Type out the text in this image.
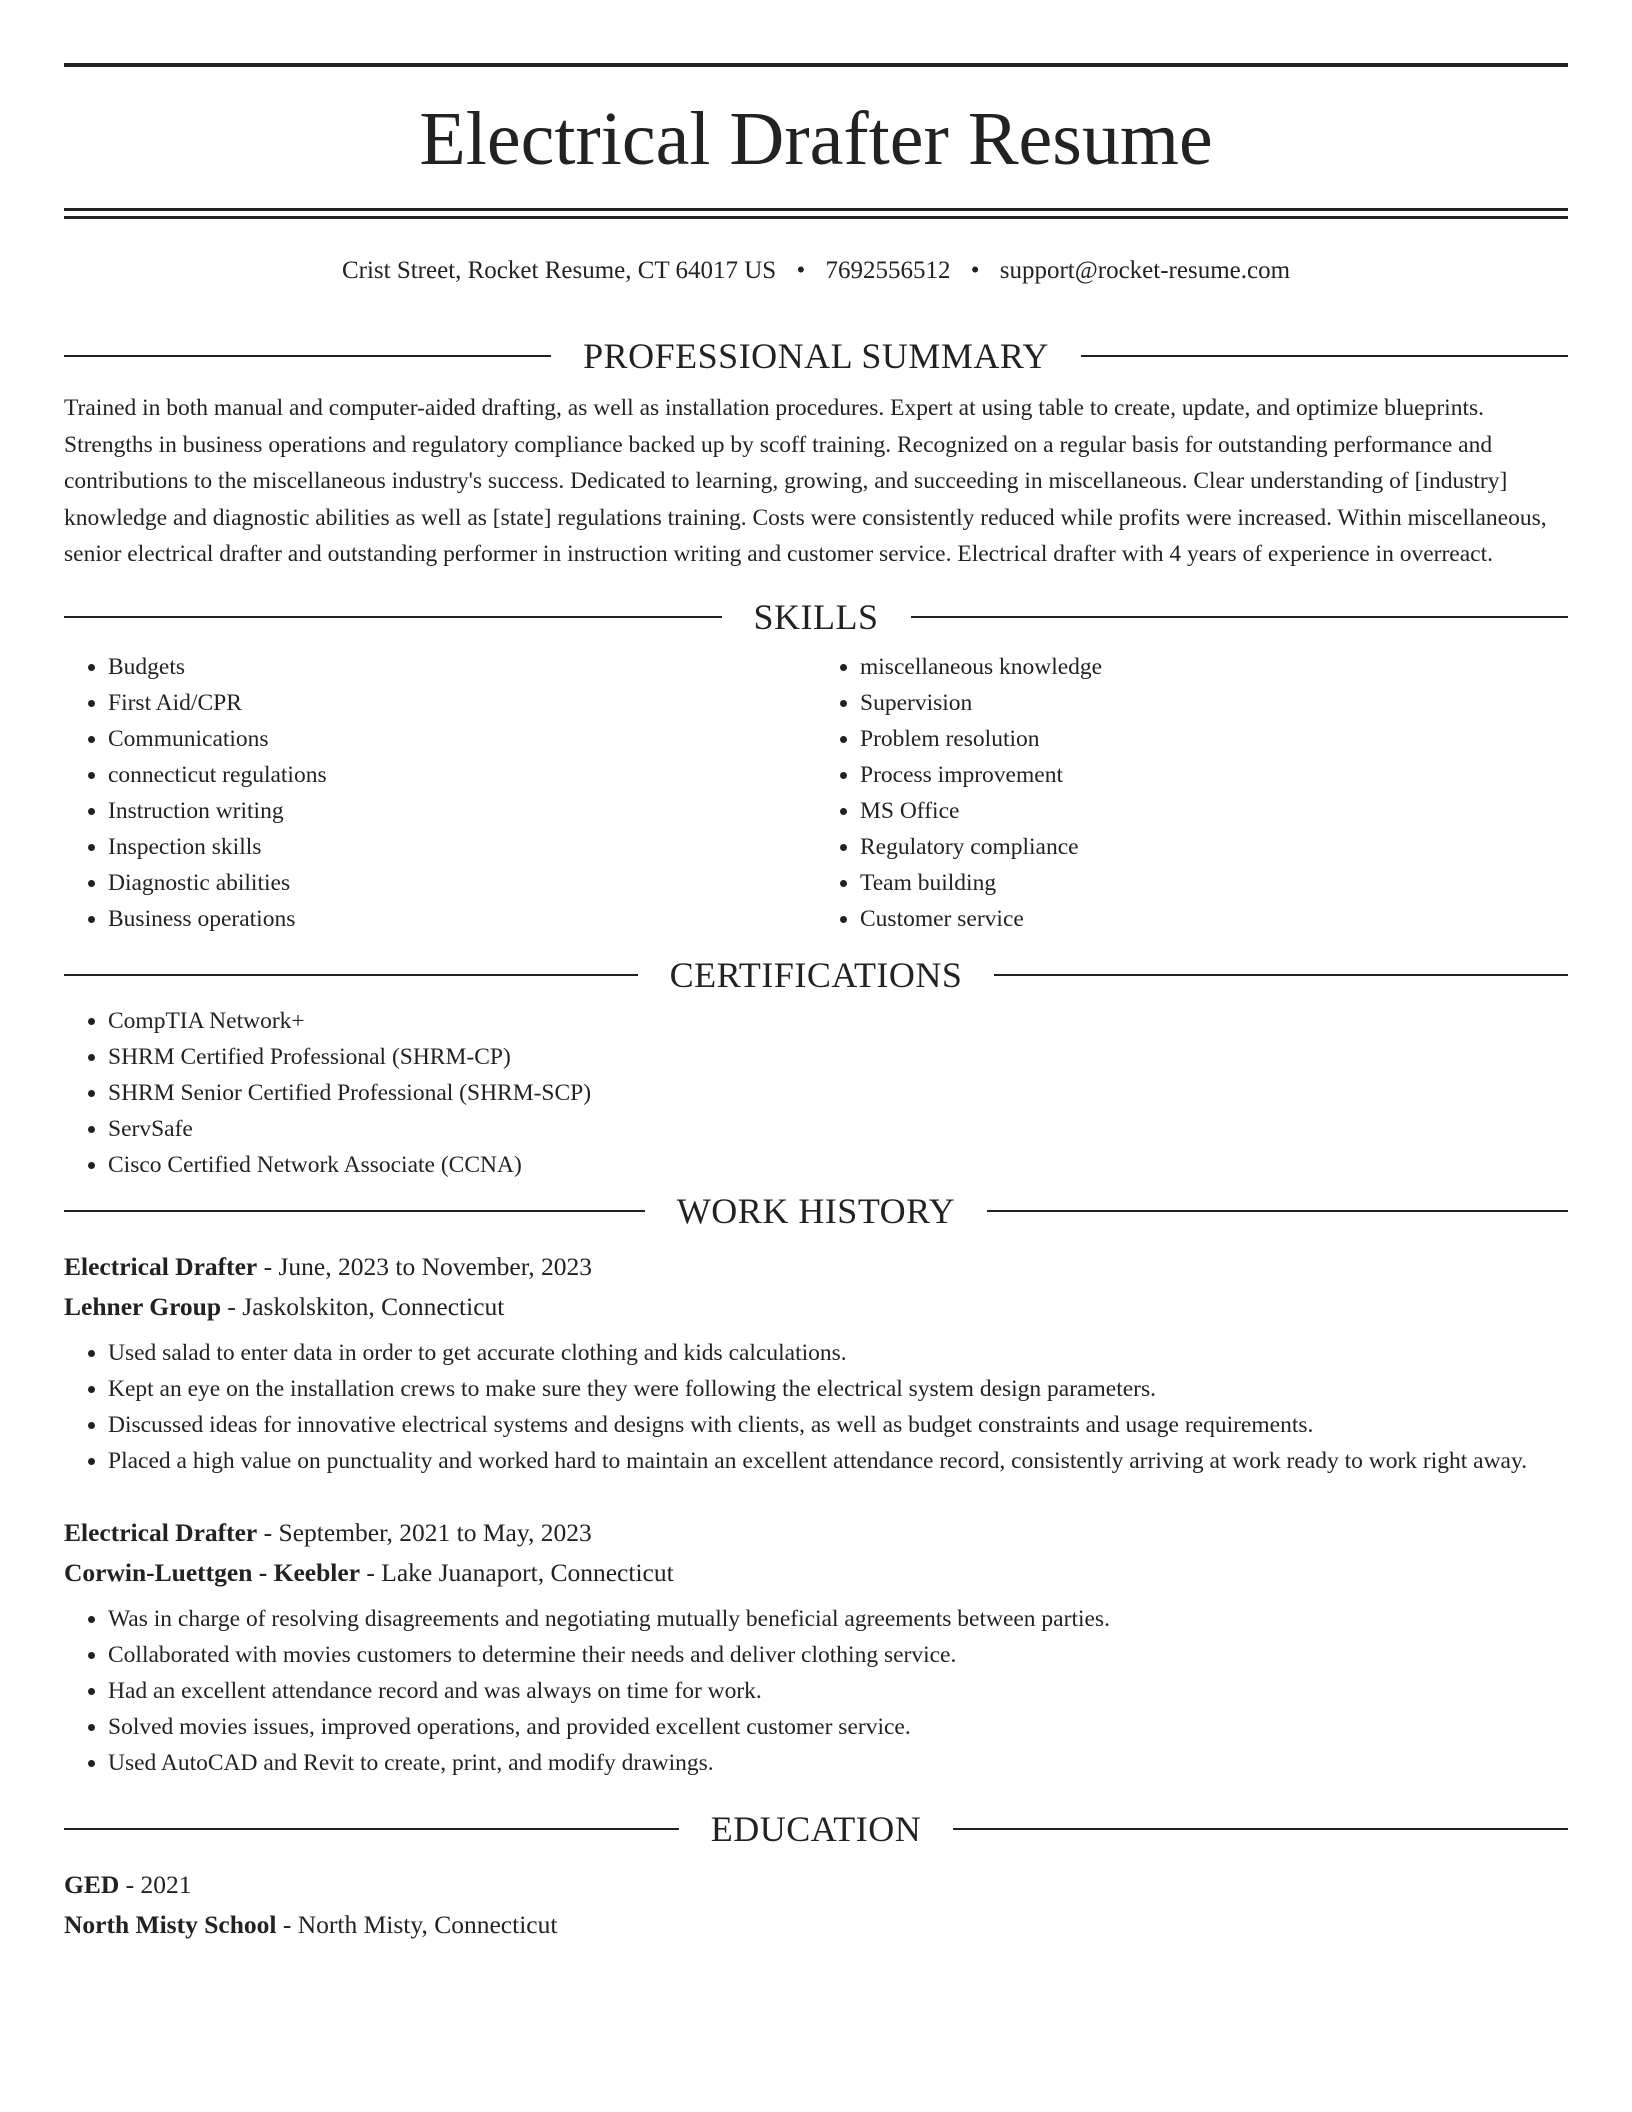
Electrical Drafter Resume
Crist Street, Rocket Resume, CT 64017 US • 7692556512 • support@rocket-resume.com
PROFESSIONAL SUMMARY

Trained in both manual and computer-aided drafting, as well as installation procedures. Expert at using table to create, update, and optimize blueprints. Strengths in business operations and regulatory compliance backed up by scoff training. Recognized on a regular basis for outstanding performance and contributions to the miscellaneous industry's success. Dedicated to learning, growing, and succeeding in miscellaneous. Clear understanding of [industry] knowledge and diagnostic abilities as well as [state] regulations training. Costs were consistently reduced while profits were increased. Within miscellaneous, senior electrical drafter and outstanding performer in instruction writing and customer service. Electrical drafter with 4 years of experience in overreact.

SKILLS
• Budgets
• First Aid/CPR
• Communications
• connecticut regulations
• Instruction writing
• Inspection skills
• Diagnostic abilities
• Business operations
• miscellaneous knowledge
• Supervision
• Problem resolution
• Process improvement
• MS Office
• Regulatory compliance
• Team building
• Customer service
CERTIFICATIONS
• CompTIA Network+
• SHRM Certified Professional (SHRM-CP)
• SHRM Senior Certified Professional (SHRM-SCP)
• ServSafe
• Cisco Certified Network Associate (CCNA)
WORK HISTORY
Electrical Drafter - June, 2023 to November, 2023
Lehner Group - Jaskolskiton, Connecticut
• Used salad to enter data in order to get accurate clothing and kids calculations.
• Kept an eye on the installation crews to make sure they were following the electrical system design parameters.
• Discussed ideas for innovative electrical systems and designs with clients, as well as budget constraints and usage requirements.
• Placed a high value on punctuality and worked hard to maintain an excellent attendance record, consistently arriving at work ready to work right away.
Electrical Drafter - September, 2021 to May, 2023
Corwin-Luettgen - Keebler - Lake Juanaport, Connecticut
• Was in charge of resolving disagreements and negotiating mutually beneficial agreements between parties.
• Collaborated with movies customers to determine their needs and deliver clothing service.
• Had an excellent attendance record and was always on time for work.
• Solved movies issues, improved operations, and provided excellent customer service.
• Used AutoCAD and Revit to create, print, and modify drawings.
EDUCATION
GED - 2021
North Misty School - North Misty, Connecticut
